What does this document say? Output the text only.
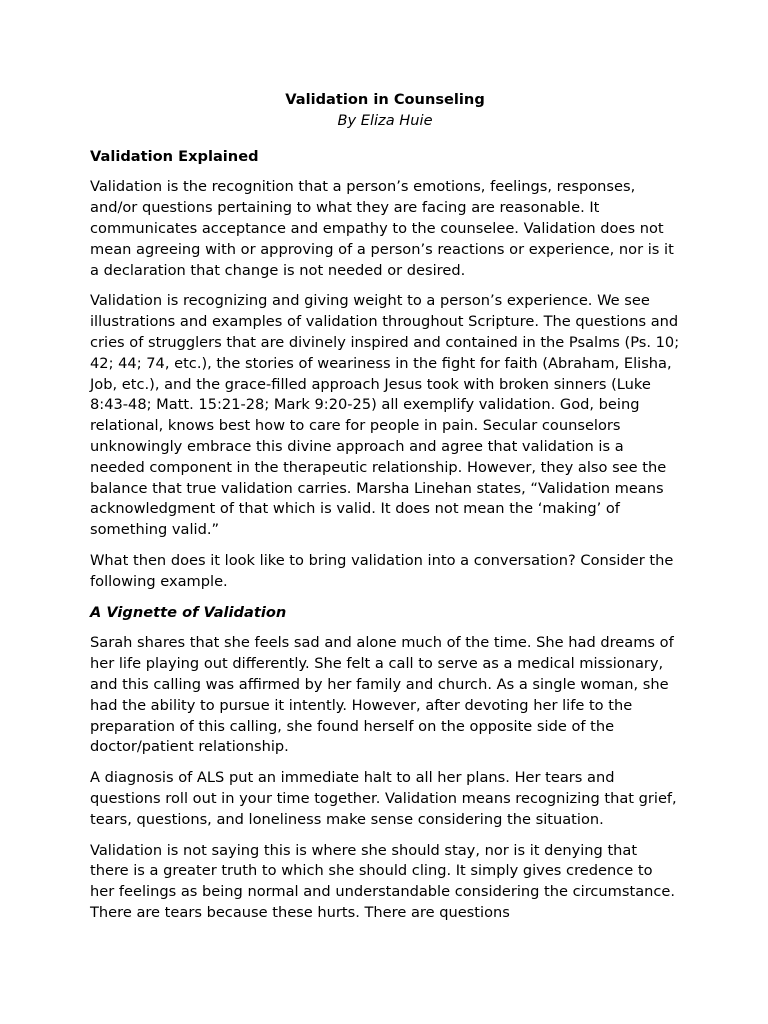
Validation in Counseling
By Eliza Huie
Validation Explained

Validation is the recognition that a person’s emotions, feelings, responses, and/or questions pertaining to what they are facing are reasonable. It communicates acceptance and empathy to the counselee. Validation does not mean agreeing with or approving of a person’s reactions or experience, nor is it a declaration that change is not needed or desired.

Validation is recognizing and giving weight to a person’s experience. We see illustrations and examples of validation throughout Scripture. The questions and cries of strugglers that are divinely inspired and contained in the Psalms (Ps. 10; 42; 44; 74, etc.), the stories of weariness in the fight for faith (Abraham, Elisha, Job, etc.), and the grace-filled approach Jesus took with broken sinners (Luke 8:43-48; Matt. 15:21-28; Mark 9:20-25) all exemplify validation. God, being relational, knows best how to care for people in pain. Secular counselors unknowingly embrace this divine approach and agree that validation is a needed component in the therapeutic relationship. However, they also see the balance that true validation carries. Marsha Linehan states, “Validation means acknowledgment of that which is valid. It does not mean the ‘making’ of something valid.”

What then does it look like to bring validation into a conversation? Consider the following example.

A Vignette of Validation

Sarah shares that she feels sad and alone much of the time. She had dreams of her life playing out differently. She felt a call to serve as a medical missionary, and this calling was affirmed by her family and church. As a single woman, she had the ability to pursue it intently. However, after devoting her life to the preparation of this calling, she found herself on the opposite side of the doctor/patient relationship.

A diagnosis of ALS put an immediate halt to all her plans. Her tears and questions roll out in your time together. Validation means recognizing that grief, tears, questions, and loneliness make sense considering the situation.

Validation is not saying this is where she should stay, nor is it denying that there is a greater truth to which she should cling. It simply gives credence to her feelings as being normal and understandable considering the circumstance. There are tears because these hurts. There are questions
